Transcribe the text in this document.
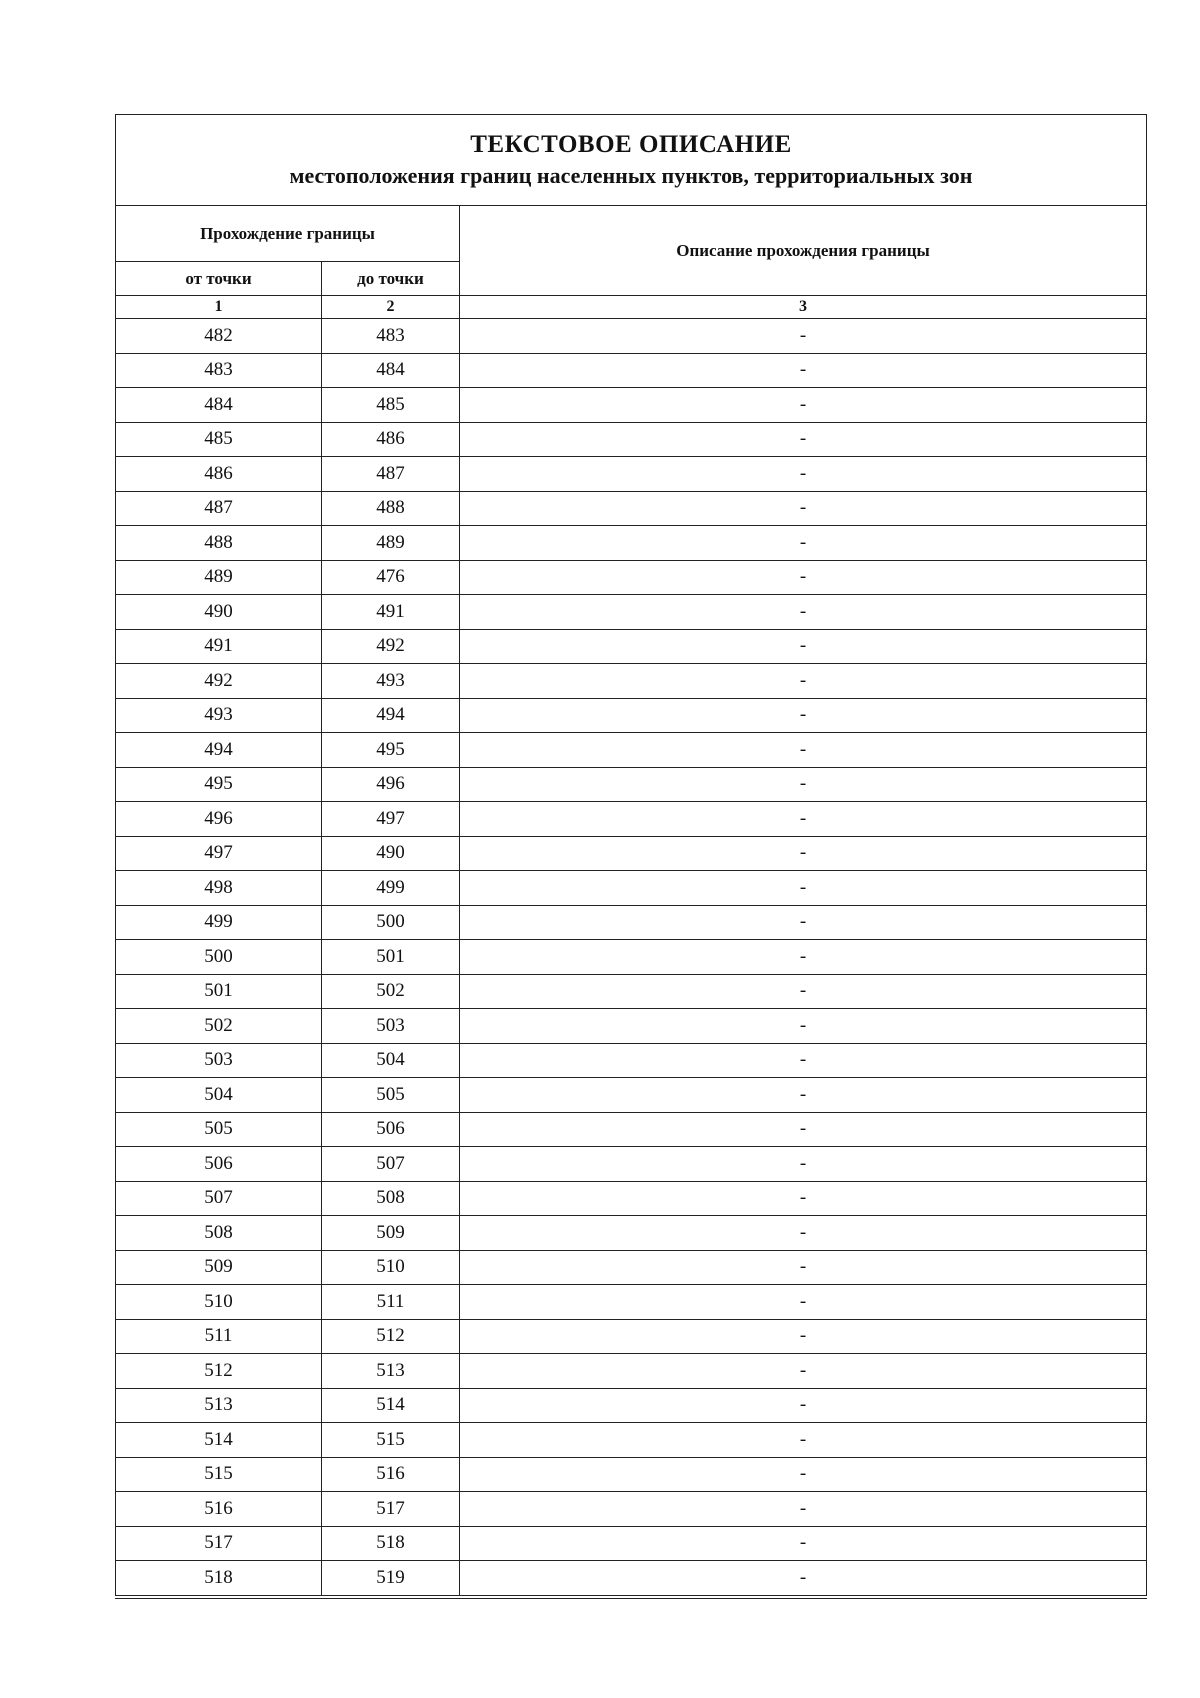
ТЕКСТОВОЕ ОПИСАНИЕ
местоположения границ населенных пунктов, территориальных зон		

Прохождение границы		Описание прохождения границы
от точки	до точки	
1	2	3
482	483	-
483	484	-
484	485	-
485	486	-
486	487	-
487	488	-
488	489	-
489	476	-
490	491	-
491	492	-
492	493	-
493	494	-
494	495	-
495	496	-
496	497	-
497	490	-
498	499	-
499	500	-
500	501	-
501	502	-
502	503	-
503	504	-
504	505	-
505	506	-
506	507	-
507	508	-
508	509	-
509	510	-
510	511	-
511	512	-
512	513	-
513	514	-
514	515	-
515	516	-
516	517	-
517	518	-
518	519	-
